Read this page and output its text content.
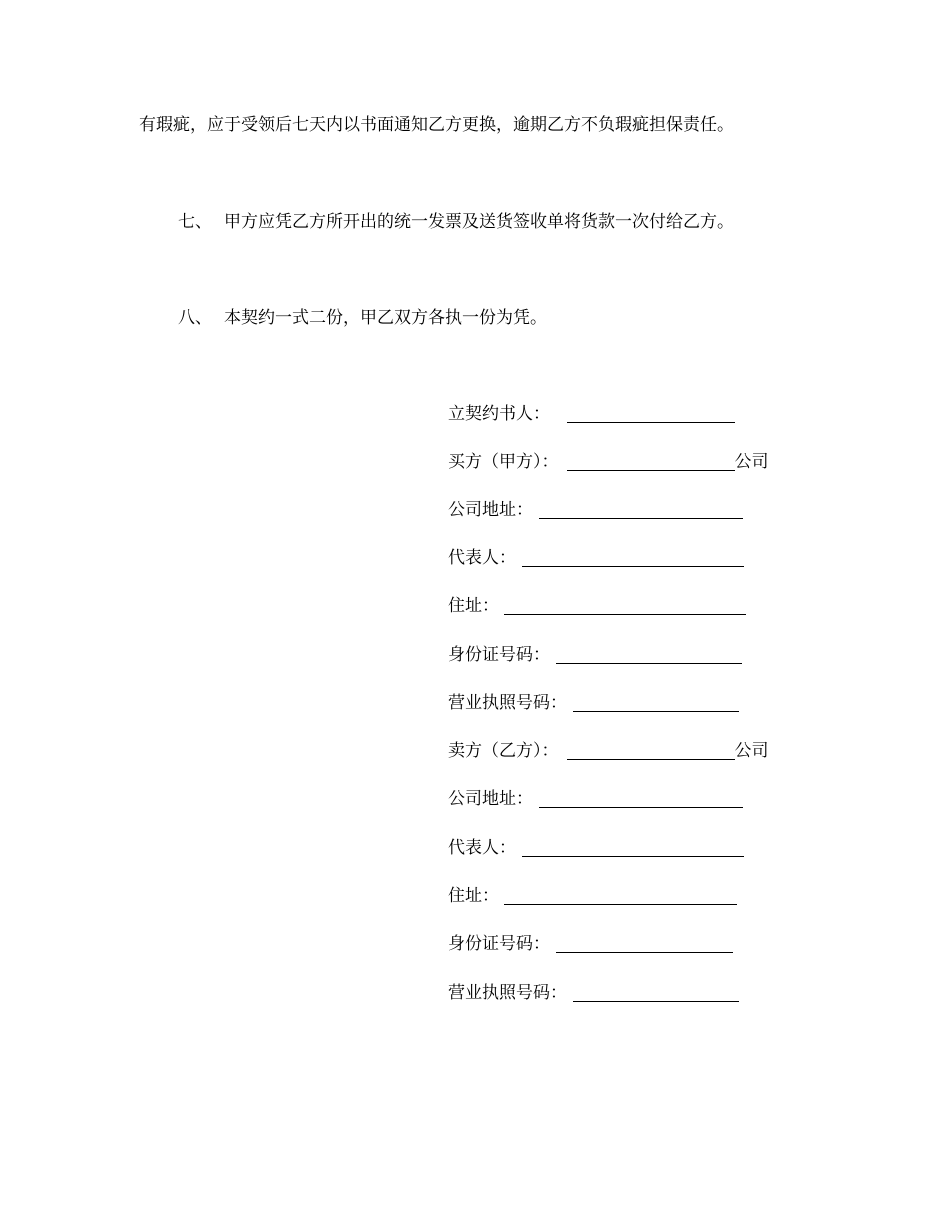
有瑕疵，应于受领后七天内以书面通知乙方更换，逾期乙方不负瑕疵担保责任。
七、 甲方应凭乙方所开出的统一发票及送货签收单将货款一次付给乙方。
八、 本契约一式二份，甲乙双方各执一份为凭。
立契约书人：
买方（甲方）：	公司
公司地址：
代表人：
住址：
身份证号码：
营业执照号码：
卖方（乙方）：	公司
公司地址：
代表人：
住址：
身份证号码：
营业执照号码：
